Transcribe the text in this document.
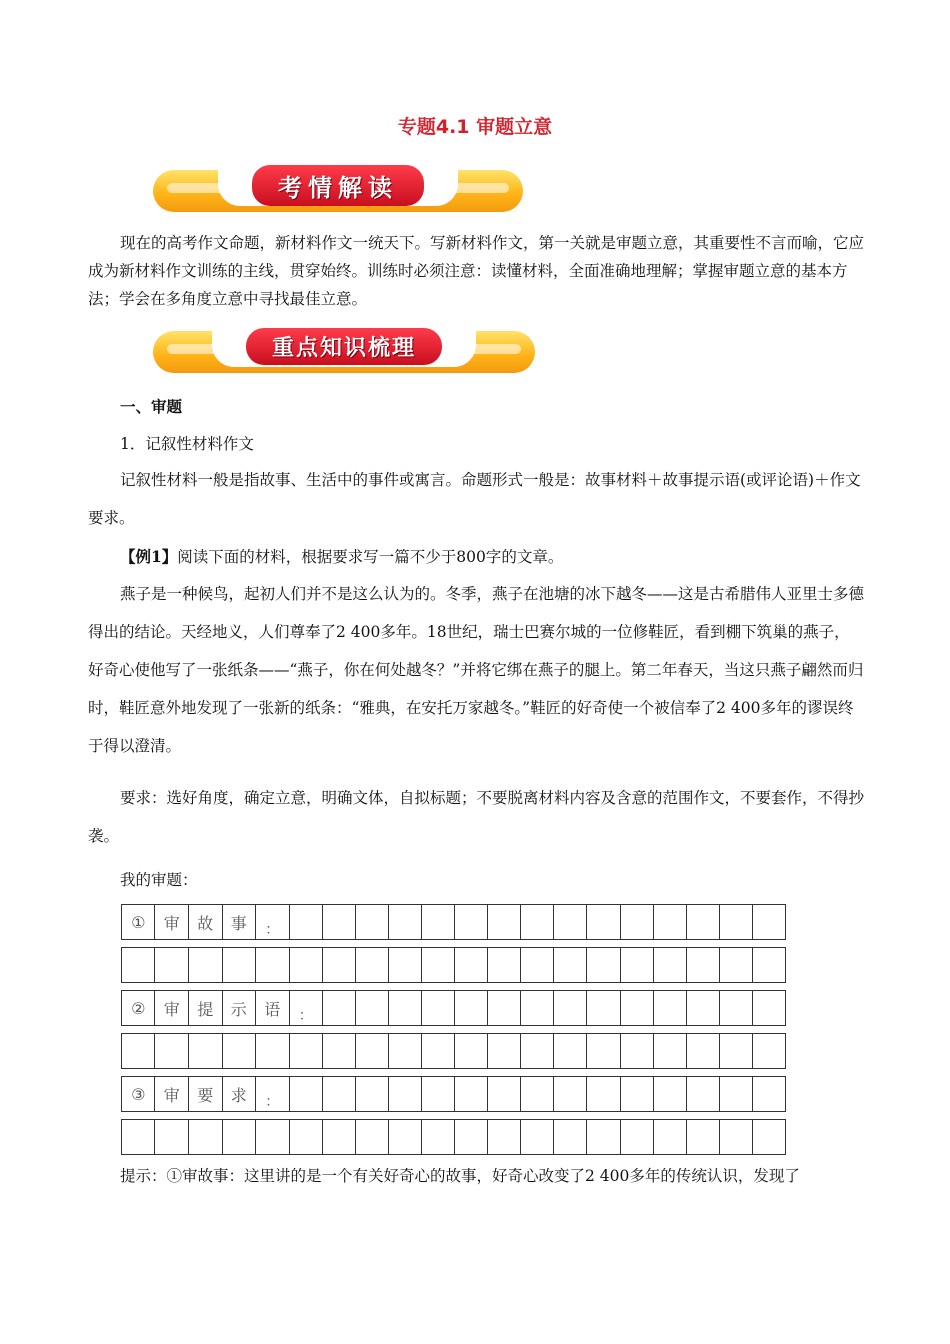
专题4.1 审题立意
考情解读
现在的高考作文命题，新材料作文一统天下。写新材料作文，第一关就是审题立意，其重要性不言而喻，它应成为新材料作文训练的主线，贯穿始终。训练时必须注意：读懂材料，全面准确地理解；掌握审题立意的基本方法；学会在多角度立意中寻找最佳立意。
重点知识梳理
一、审题
1．记叙性材料作文
记叙性材料一般是指故事、生活中的事件或寓言。命题形式一般是：故事材料＋故事提示语(或评论语)＋作文要求。
【例1】阅读下面的材料，根据要求写一篇不少于800字的文章。
燕子是一种候鸟，起初人们并不是这么认为的。冬季，燕子在池塘的冰下越冬——这是古希腊伟人亚里士多德得出的结论。天经地义，人们尊奉了2 400多年。18世纪，瑞士巴赛尔城的一位修鞋匠，看到棚下筑巢的燕子，好奇心使他写了一张纸条——“燕子，你在何处越冬？”并将它绑在燕子的腿上。第二年春天，当这只燕子翩然而归时，鞋匠意外地发现了一张新的纸条：“雅典，在安托万家越冬。”鞋匠的好奇使一个被信奉了2 400多年的谬误终于得以澄清。
要求：选好角度，确定立意，明确文体，自拟标题；不要脱离材料内容及含意的范围作文，不要套作，不得抄袭。
我的审题：
①	审	故	事	：															

②	审	提	示	语	：														

③	审	要	求	：															

提示：①审故事：这里讲的是一个有关好奇心的故事，好奇心改变了2 400多年的传统认识，发现了
